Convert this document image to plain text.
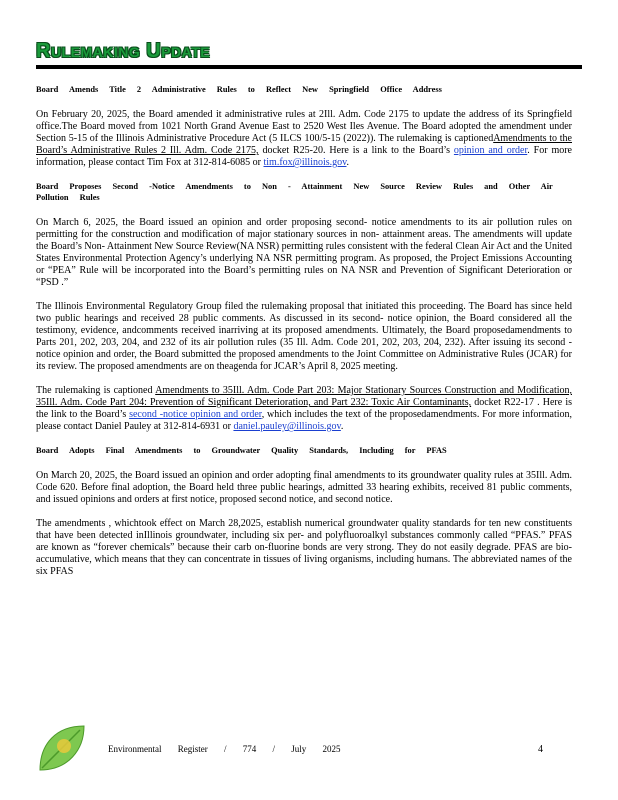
Rulemaking Update
Board Amends Title 2 Administrative Rules to Reflect New Springfield Office Address

On February 20, 2025, the Board amended it administrative rules at 2Ill. Adm. Code 2175 to update the address of its Springfield office.The Board moved from 1021 North Grand Avenue East to 2520 West Iles Avenue. The Board adopted the amendment under Section 5-15 of the Illinois Administrative Procedure Act (5 ILCS 100/5-15 (2022)). The rulemaking is captionedAmendments to the Board’s Administrative Rules 2 Ill. Adm. Code 2175, docket R25-20. Here is a link to the Board’s opinion and order. For more information, please contact Tim Fox at 312-814-6085 or tim.fox@illinois.gov.

Board Proposes Second -Notice Amendments to Non - Attainment New Source Review Rules and Other Air Pollution Rules

On March 6, 2025, the Board issued an opinion and order proposing second- notice amendments to its air pollution rules on permitting for the construction and modification of major stationary sources in non- attainment areas. The amendments will update the Board’s Non- Attainment New Source Review(NA NSR) permitting rules consistent with the federal Clean Air Act and the United States Environmental Protection Agency’s underlying NA NSR permitting program. As proposed, the Project Emissions Accounting or “PEA” Rule will be incorporated into the Board’s permitting rules on NA NSR and Prevention of Significant Deterioration or “PSD .”

The Illinois Environmental Regulatory Group filed the rulemaking proposal that initiated this proceeding. The Board has since held two public hearings and received 28 public comments. As discussed in its second- notice opinion, the Board considered all the testimony, evidence, andcomments received inarriving at its proposed amendments. Ultimately, the Board proposedamendments to Parts 201, 202, 203, 204, and 232 of its air pollution rules (35 Ill. Adm. Code 201, 202, 203, 204, 232). After issuing its second -notice opinion and order, the Board submitted the proposed amendments to the Joint Committee on Administrative Rules (JCAR) for its review. The proposed amendments are on theagenda for JCAR’s April 8, 2025 meeting.

The rulemaking is captioned Amendments to 35Ill. Adm. Code Part 203: Major Stationary Sources Construction and Modification, 35Ill. Adm. Code Part 204: Prevention of Significant Deterioration, and Part 232: Toxic Air Contaminants, docket R22-17 . Here is the link to the Board’s second -notice opinion and order, which includes the text of the proposedamendments. For more information, please contact Daniel Pauley at 312-814-6931 or daniel.pauley@illinois.gov.

Board Adopts Final Amendments to Groundwater Quality Standards, Including for PFAS

On March 20, 2025, the Board issued an opinion and order adopting final amendments to its groundwater quality rules at 35Ill. Adm. Code 620. Before final adoption, the Board held three public hearings, admitted 33 hearing exhibits, received 81 public comments, and issued opinions and orders at first notice, proposed second notice, and second notice.

The amendments , whichtook effect on March 28,2025, establish numerical groundwater quality standards for ten new constituents that have been detected inIllinois groundwater, including six per- and polyfluoroalkyl substances commonly called “PFAS.” PFAS are known as “forever chemicals” because their carb on-fluorine bonds are very strong. They do not easily degrade. PFAS are bio- accumulative, which means that they can concentrate in tissues of living organisms, including humans. The abbreviated names of the six PFAS

Environmental Register / 774 / July 2025	4
